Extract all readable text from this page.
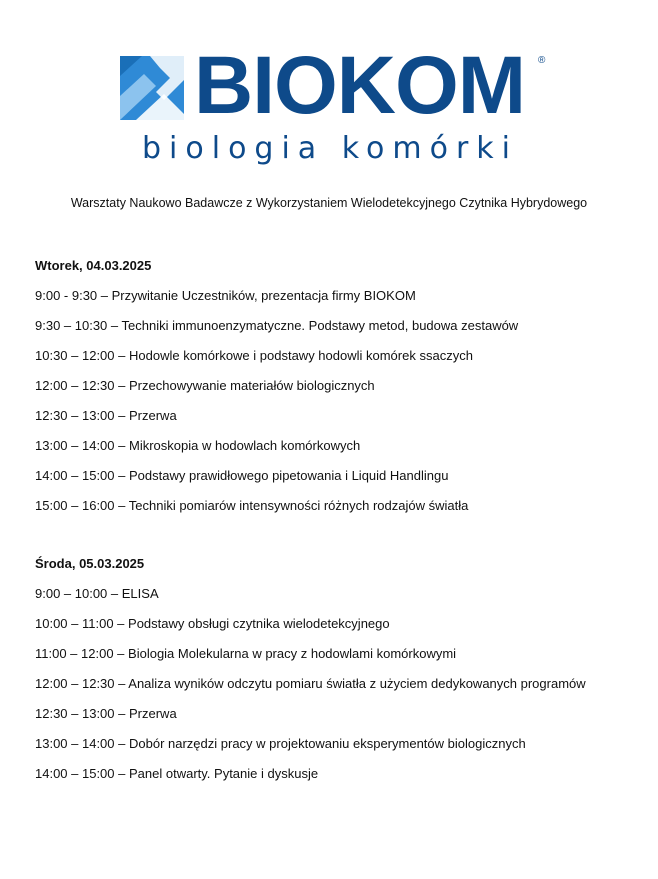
BIOKOM ®
biologia komórki
Warsztaty Naukowo Badawcze z Wykorzystaniem Wielodetekcyjnego Czytnika Hybrydowego
Wtorek, 04.03.2025
9:00 - 9:30 – Przywitanie Uczestników, prezentacja firmy BIOKOM
9:30 – 10:30 – Techniki immunoenzymatyczne. Podstawy metod, budowa zestawów
10:30 – 12:00 – Hodowle komórkowe i podstawy hodowli komórek ssaczych
12:00 – 12:30 – Przechowywanie materiałów biologicznych
12:30 – 13:00 – Przerwa
13:00 – 14:00 – Mikroskopia w hodowlach komórkowych
14:00 – 15:00 – Podstawy prawidłowego pipetowania i Liquid Handlingu
15:00 – 16:00 – Techniki pomiarów intensywności różnych rodzajów światła
Środa, 05.03.2025
9:00 – 10:00 – ELISA
10:00 – 11:00 – Podstawy obsługi czytnika wielodetekcyjnego
11:00 – 12:00 – Biologia Molekularna w pracy z hodowlami komórkowymi
12:00 – 12:30 – Analiza wyników odczytu pomiaru światła z użyciem dedykowanych programów
12:30 – 13:00 – Przerwa
13:00 – 14:00 – Dobór narzędzi pracy w projektowaniu eksperymentów biologicznych
14:00 – 15:00 – Panel otwarty. Pytanie i dyskusje
